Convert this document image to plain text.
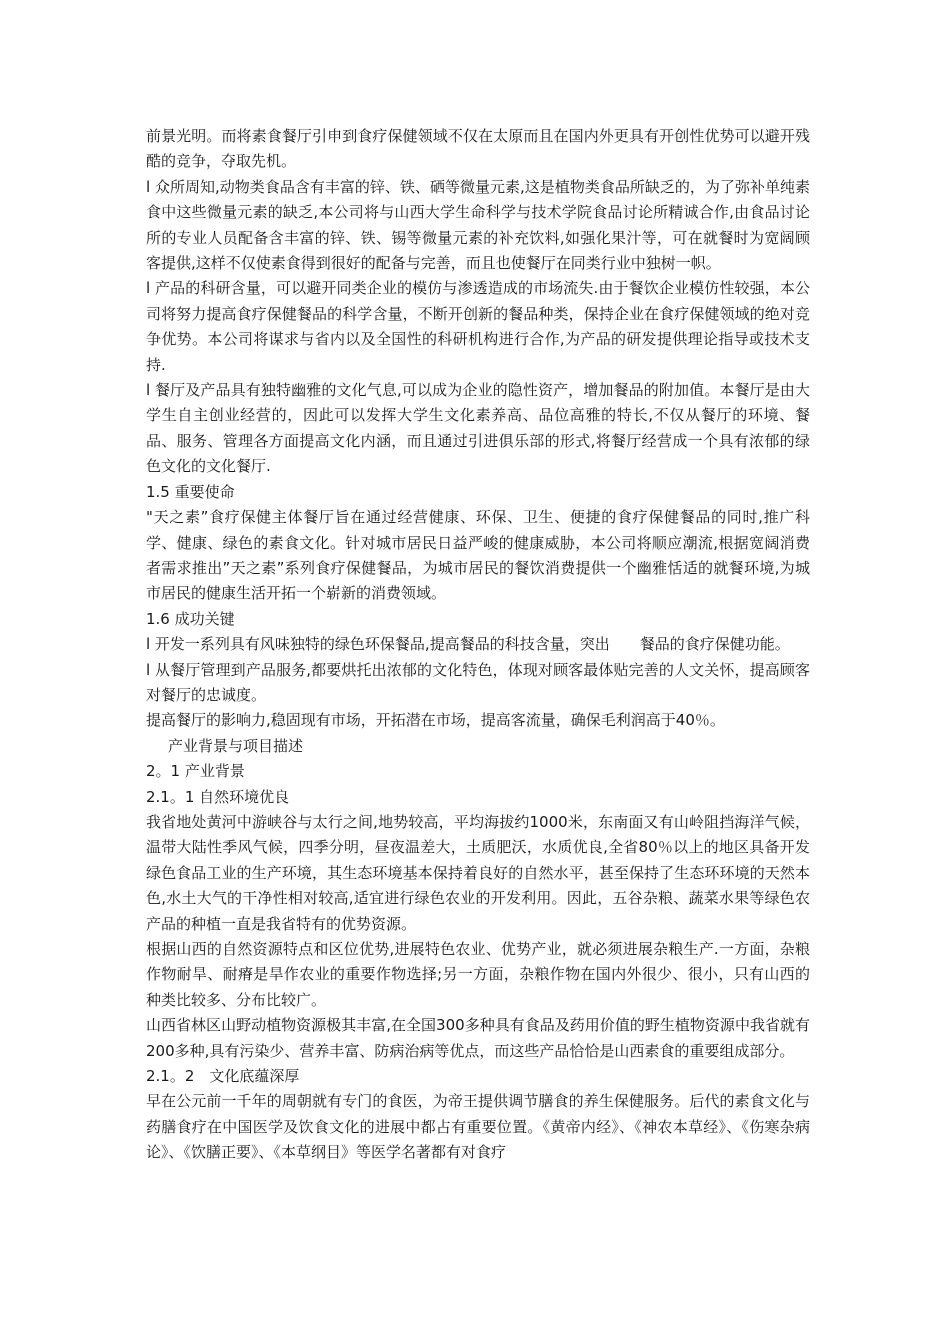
前景光明。而将素食餐厅引申到食疗保健领域不仅在太原而且在国内外更具有开创性优势可以避开残酷的竞争，夺取先机。

l 众所周知,动物类食品含有丰富的锌、铁、硒等微量元素,这是植物类食品所缺乏的，为了弥补单纯素食中这些微量元素的缺乏,本公司将与山西大学生命科学与技术学院食品讨论所精诚合作,由食品讨论所的专业人员配备含丰富的锌、铁、锡等微量元素的补充饮料,如强化果汁等，可在就餐时为宽阔顾客提供,这样不仅使素食得到很好的配备与完善，而且也使餐厅在同类行业中独树一帜。

l 产品的科研含量，可以避开同类企业的模仿与渗透造成的市场流失.由于餐饮企业模仿性较强，本公司将努力提高食疗保健餐品的科学含量，不断开创新的餐品种类，保持企业在食疗保健领域的绝对竞争优势。本公司将谋求与省内以及全国性的科研机构进行合作,为产品的研发提供理论指导或技术支持.

l 餐厅及产品具有独特幽雅的文化气息,可以成为企业的隐性资产，增加餐品的附加值。本餐厅是由大学生自主创业经营的，因此可以发挥大学生文化素养高、品位高雅的特长,不仅从餐厅的环境、餐品、服务、管理各方面提高文化内涵，而且通过引进俱乐部的形式,将餐厅经营成一个具有浓郁的绿色文化的文化餐厅.

1.5 重要使命

"天之素”食疗保健主体餐厅旨在通过经营健康、环保、卫生、便捷的食疗保健餐品的同时,推广科学、健康、绿色的素食文化。针对城市居民日益严峻的健康威胁，本公司将顺应潮流,根据宽阔消费者需求推出”天之素”系列食疗保健餐品，为城市居民的餐饮消费提供一个幽雅恬适的就餐环境,为城市居民的健康生活开拓一个崭新的消费领域。

1.6 成功关键

l 开发一系列具有风味独特的绿色环保餐品,提高餐品的科技含量，突出　　餐品的食疗保健功能。

l 从餐厅管理到产品服务,都要烘托出浓郁的文化特色，体现对顾客最体贴完善的人文关怀，提高顾客对餐厅的忠诚度。

提高餐厅的影响力,稳固现有市场，开拓潜在市场，提高客流量，确保毛利润高于40％。

产业背景与项目描述

2。1 产业背景

2.1。1 自然环境优良

我省地处黄河中游峡谷与太行之间,地势较高，平均海拔约1000米，东南面又有山岭阻挡海洋气候，温带大陆性季风气候，四季分明，昼夜温差大，土质肥沃，水质优良,全省80％以上的地区具备开发绿色食品工业的生产环境，其生态环境基本保持着良好的自然水平，甚至保持了生态环环境的天然本色,水土大气的干净性相对较高,适宜进行绿色农业的开发利用。因此，五谷杂粮、蔬菜水果等绿色农产品的种植一直是我省特有的优势资源。

根据山西的自然资源特点和区位优势,进展特色农业、优势产业，就必须进展杂粮生产.一方面，杂粮作物耐旱、耐瘠是旱作农业的重要作物选择;另一方面，杂粮作物在国内外很少、很小，只有山西的种类比较多、分布比较广。

山西省林区山野动植物资源极其丰富,在全国300多种具有食品及药用价值的野生植物资源中我省就有200多种,具有污染少、营养丰富、防病治病等优点，而这些产品恰恰是山西素食的重要组成部分。

2.1。2　文化底蕴深厚

早在公元前一千年的周朝就有专门的食医，为帝王提供调节膳食的养生保健服务。后代的素食文化与药膳食疗在中国医学及饮食文化的进展中都占有重要位置。《黄帝内经》、《神农本草经》、《伤寒杂病论》、《饮膳正要》、《本草纲目》等医学名著都有对食疗
